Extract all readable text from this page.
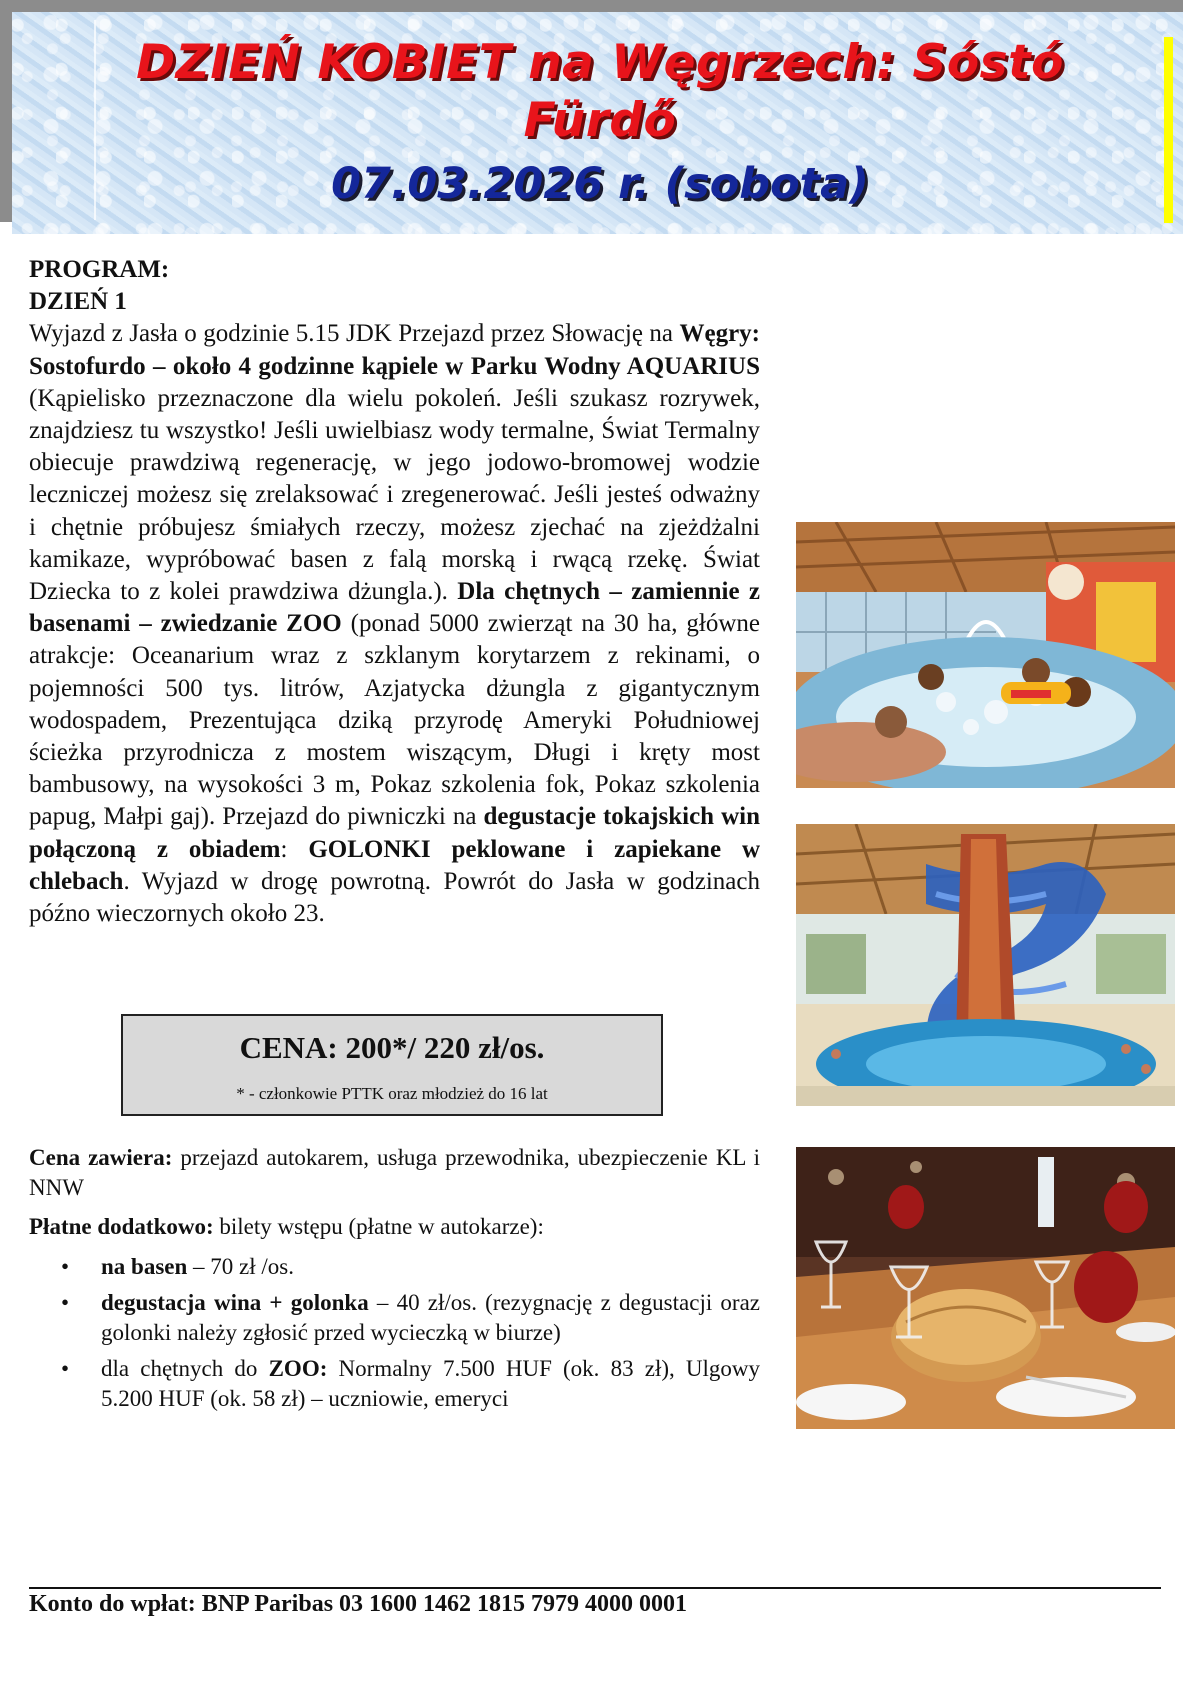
DZIEŃ KOBIET na Węgrzech: Sóstó Fürdő
07.03.2026 r. (sobota)
PROGRAM:
DZIEŃ 1
Wyjazd z Jasła o godzinie 5.15 JDK Przejazd przez Słowację na Węgry: Sostofurdo – około 4 godzinne kąpiele w Parku Wodny AQUARIUS (Kąpielisko przeznaczone dla wielu pokoleń. Jeśli szukasz rozrywek, znajdziesz tu wszystko! Jeśli uwielbiasz wody termalne, Świat Termalny obiecuje prawdziwą regenerację, w jego jodowo-bromowej wodzie leczniczej możesz się zrelaksować i zregenerować. Jeśli jesteś odważny i chętnie próbujesz śmiałych rzeczy, możesz zjechać na zjeżdżalni kamikaze, wypróbować basen z falą morską i rwącą rzekę. Świat Dziecka to z kolei prawdziwa dżungla.). Dla chętnych – zamiennie z basenami – zwiedzanie ZOO (ponad 5000 zwierząt na 30 ha, główne atrakcje: Oceanarium wraz z szklanym korytarzem z rekinami, o pojemności 500 tys. litrów, Azjatycka dżungla z gigantycznym wodospadem, Prezentująca dziką przyrodę Ameryki Południowej ścieżka przyrodnicza z mostem wiszącym, Długi i kręty most bambusowy, na wysokości 3 m, Pokaz szkolenia fok, Pokaz szkolenia papug, Małpi gaj). Przejazd do piwniczki na degustacje tokajskich win połączoną z obiadem: GOLONKI peklowane i zapiekane w chlebach. Wyjazd w drogę powrotną. Powrót do Jasła w godzinach późno wieczornych około 23.
CENA: 200*/ 220 zł/os.
* - członkowie PTTK oraz młodzież do 16 lat
Cena zawiera: przejazd autokarem, usługa przewodnika, ubezpieczenie KL i NNW
Płatne dodatkowo: bilety wstępu (płatne w autokarze):
• na basen – 70 zł /os.
• degustacja wina + golonka – 40 zł/os. (rezygnację z degustacji oraz golonki należy zgłosić przed wycieczką w biurze)
• dla chętnych do ZOO: Normalny 7.500 HUF (ok. 83 zł), Ulgowy 5.200 HUF (ok. 58 zł) – uczniowie, emeryci
Konto do wpłat: BNP Paribas 03 1600 1462 1815 7979 4000 0001
